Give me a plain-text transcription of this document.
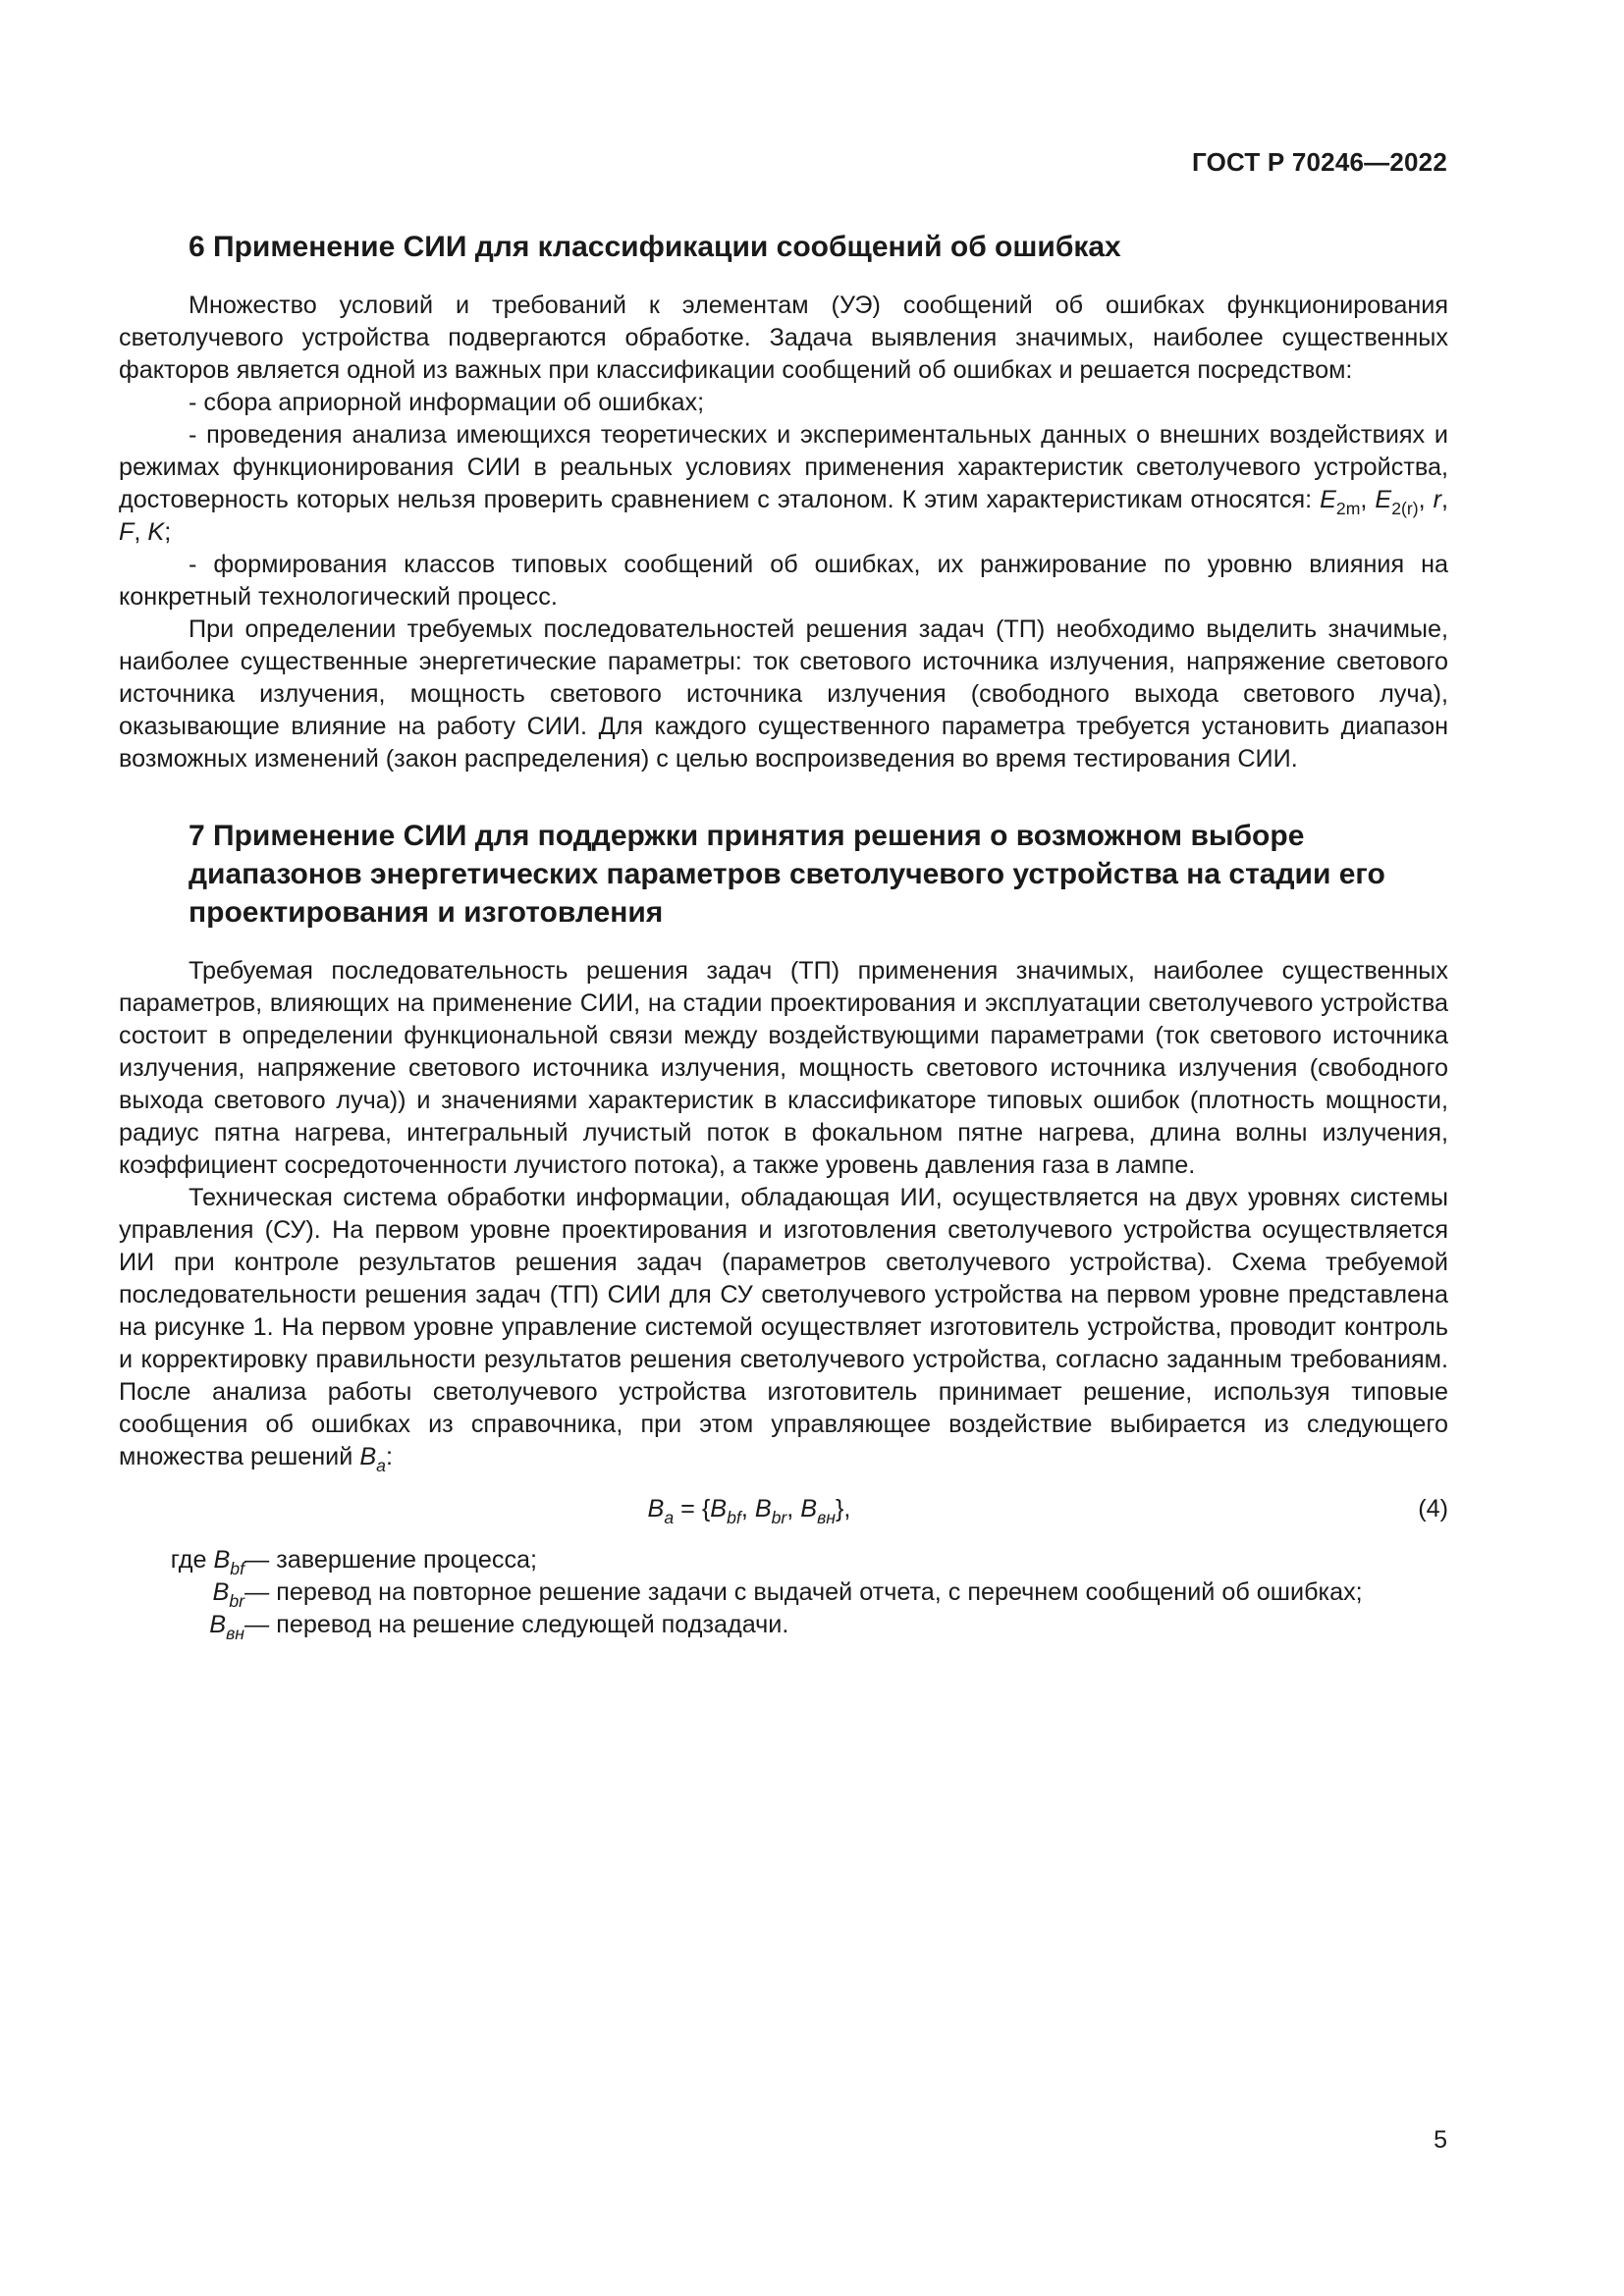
ГОСТ Р 70246—2022
6 Применение СИИ для классификации сообщений об ошибках

Множество условий и требований к элементам (УЭ) сообщений об ошибках функционирования светолучевого устройства подвергаются обработке. Задача выявления значимых, наиболее существенных факторов является одной из важных при классификации сообщений об ошибках и решается посредством:

- сбора априорной информации об ошибках;

- проведения анализа имеющихся теоретических и экспериментальных данных о внешних воздействиях и режимах функционирования СИИ в реальных условиях применения характеристик светолучевого устройства, достоверность которых нельзя проверить сравнением с эталоном. К этим характеристикам относятся: $E_{2m}$, $E_{2(r)}$, r, F, K;

- формирования классов типовых сообщений об ошибках, их ранжирование по уровню влияния на конкретный технологический процесс.

При определении требуемых последовательностей решения задач (ТП) необходимо выделить значимые, наиболее существенные энергетические параметры: ток светового источника излучения, напряжение светового источника излучения, мощность светового источника излучения (свободного выхода светового луча), оказывающие влияние на работу СИИ. Для каждого существенного параметра требуется установить диапазон возможных изменений (закон распределения) с целью воспроизведения во время тестирования СИИ.

7 Применение СИИ для поддержки принятия решения о возможном выборе диапазонов энергетических параметров светолучевого устройства на стадии его проектирования и изготовления

Требуемая последовательность решения задач (ТП) применения значимых, наиболее существенных параметров, влияющих на применение СИИ, на стадии проектирования и эксплуатации светолучевого устройства состоит в определении функциональной связи между воздействующими параметрами (ток светового источника излучения, напряжение светового источника излучения, мощность светового источника излучения (свободного выхода светового луча)) и значениями характеристик в классификаторе типовых ошибок (плотность мощности, радиус пятна нагрева, интегральный лучистый поток в фокальном пятне нагрева, длина волны излучения, коэффициент сосредоточенности лучистого потока), а также уровень давления газа в лампе.

Техническая система обработки информации, обладающая ИИ, осуществляется на двух уровнях системы управления (СУ). На первом уровне проектирования и изготовления светолучевого устройства осуществляется ИИ при контроле результатов решения задач (параметров светолучевого устройства). Схема требуемой последовательности решения задач (ТП) СИИ для СУ светолучевого устройства на первом уровне представлена на рисунке 1. На первом уровне управление системой осуществляет изготовитель устройства, проводит контроль и корректировку правильности результатов решения светолучевого устройства, согласно заданным требованиям. После анализа работы светолучевого устройства изготовитель принимает решение, используя типовые сообщения об ошибках из справочника, при этом управляющее воздействие выбирается из следующего множества решений $B_a$:

$B_a = \{B_{bf}$, $B_{br}$, $B_{вн}$},	(4)
где $B_{bf}$ — завершение процесса;
$B_{br}$ — перевод на повторное решение задачи с выдачей отчета, с перечнем сообщений об ошибках;
$B_{вн}$ — перевод на решение следующей подзадачи.
5
